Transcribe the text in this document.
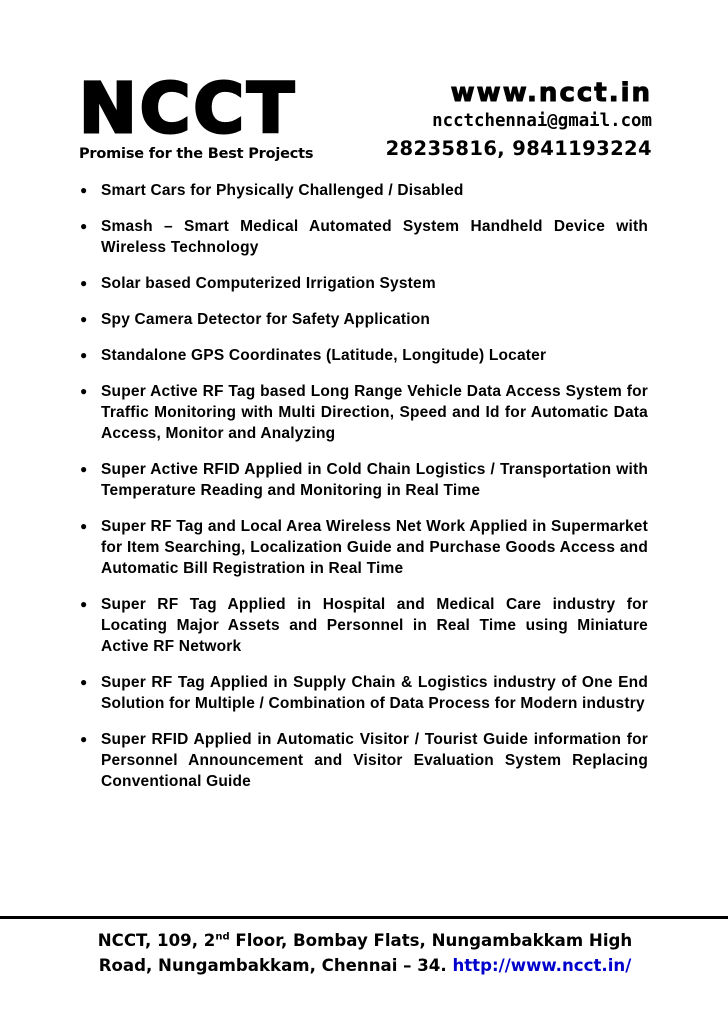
NCCT
Promise for the Best Projects
www.ncct.in
ncctchennai@gmail.com
28235816, 9841193224
● Smart Cars for Physically Challenged / Disabled
● Smash – Smart Medical Automated System Handheld Device with Wireless Technology
● Solar based Computerized Irrigation System
● Spy Camera Detector for Safety Application
● Standalone GPS Coordinates (Latitude, Longitude) Locater
● Super Active RF Tag based Long Range Vehicle Data Access System for Traffic Monitoring with Multi Direction, Speed and Id for Automatic Data Access, Monitor and Analyzing
● Super Active RFID Applied in Cold Chain Logistics / Transportation with Temperature Reading and Monitoring in Real Time
● Super RF Tag and Local Area Wireless Net Work Applied in Supermarket for Item Searching, Localization Guide and Purchase Goods Access and Automatic Bill Registration in Real Time
● Super RF Tag Applied in Hospital and Medical Care industry for Locating Major Assets and Personnel in Real Time using Miniature Active RF Network
● Super RF Tag Applied in Supply Chain & Logistics industry of One End Solution for Multiple / Combination of Data Process for Modern industry
● Super RFID Applied in Automatic Visitor / Tourist Guide information for Personnel Announcement and Visitor Evaluation System Replacing Conventional Guide
NCCT, 109, 2nd Floor, Bombay Flats, Nungambakkam High Road, Nungambakkam, Chennai – 34. http://www.ncct.in/
